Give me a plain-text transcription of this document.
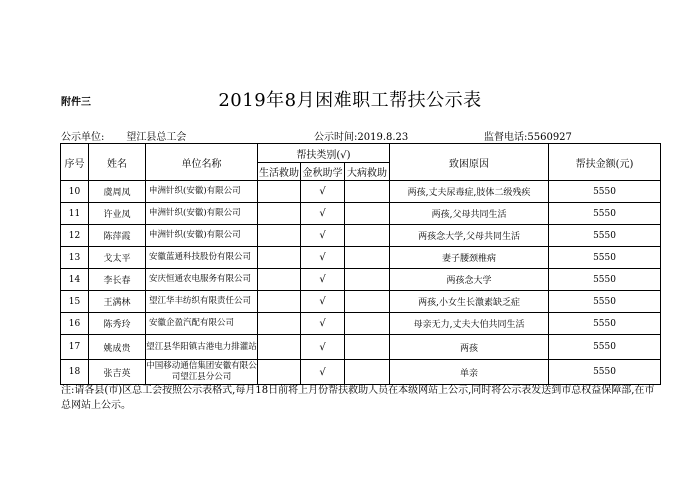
附件三	2019年8月困难职工帮扶公示表
公示单位: 望江县总工会	公示时间:2019.8.23	监督电话:5560927
序号	姓名	单位名称	帮扶类别(√)			致困原因	帮扶金额(元)
			生活救助	金秋助学	大病救助		
10	虞周凤	申洲针织(安徽)有限公司		√		两孩,丈夫尿毒症,肢体二级残疾	5550
11	许业凤	申洲针织(安徽)有限公司		√		两孩,父母共同生活	5550
12	陈萍霞	申洲针织(安徽)有限公司		√		两孩念大学,父母共同生活	5550
13	戈太平	安徽蓝通科技股份有限公司		√		妻子腰颈椎病	5550
14	李长春	安庆恒通农电服务有限公司		√		两孩念大学	5550
15	王满林	望江华丰纺织有限责任公司		√		两孩,小女生长激素缺乏症	5550
16	陈秀玲	安徽企盈汽配有限公司		√		母亲无力,丈夫大伯共同生活	5550
17	姚成贵	望江县华阳镇古港电力排灌站		√		两孩	5550
18	张吉英	中国移动通信集团安徽有限公司望江县分公司		√		单亲	5550
注:请各县(市)区总工会按照公示表格式,每月18日前将上月份帮扶救助人员在本级网站上公示,同时将公示表发送到市总权益保障部,在市总网站上公示。
